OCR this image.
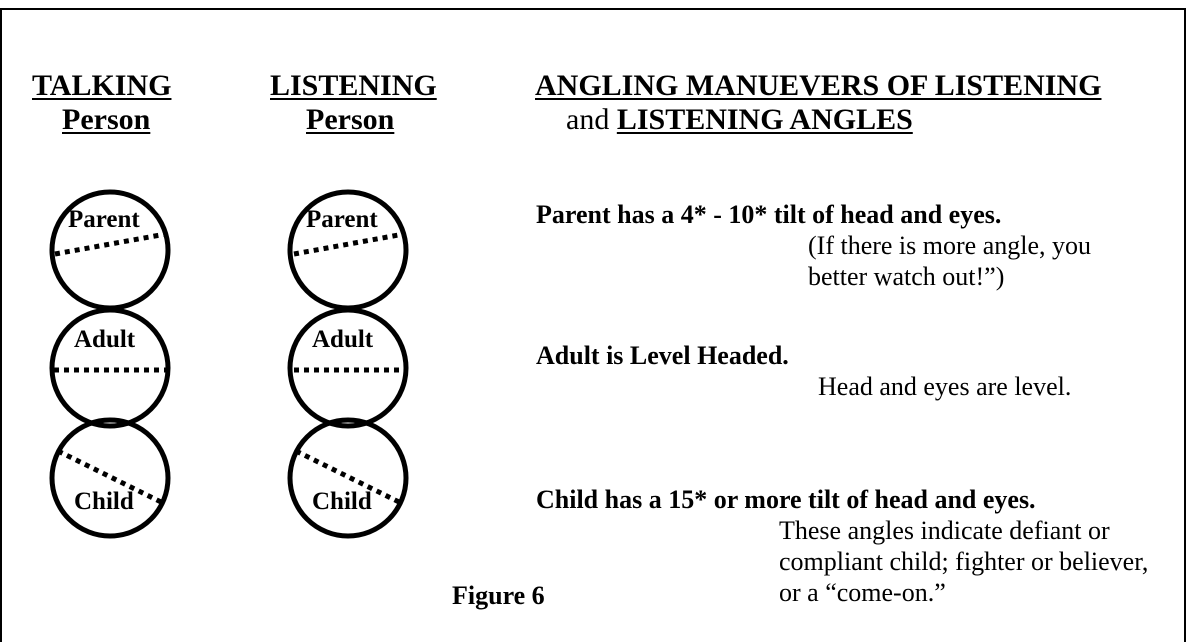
TALKING
Person
LISTENING
Person
ANGLING MANUEVERS OF LISTENING
and LISTENING ANGLES
Parent
Adult
Child
Parent
Adult
Child
Parent has a 4* - 10* tilt of head and eyes.
(If there is more angle, you
better watch out!”)
Adult is Level Headed.
Head and eyes are level.
Child has a 15* or more tilt of head and eyes.
These angles indicate defiant or
compliant child; fighter or believer,
or a “come-on.”
Figure 6
